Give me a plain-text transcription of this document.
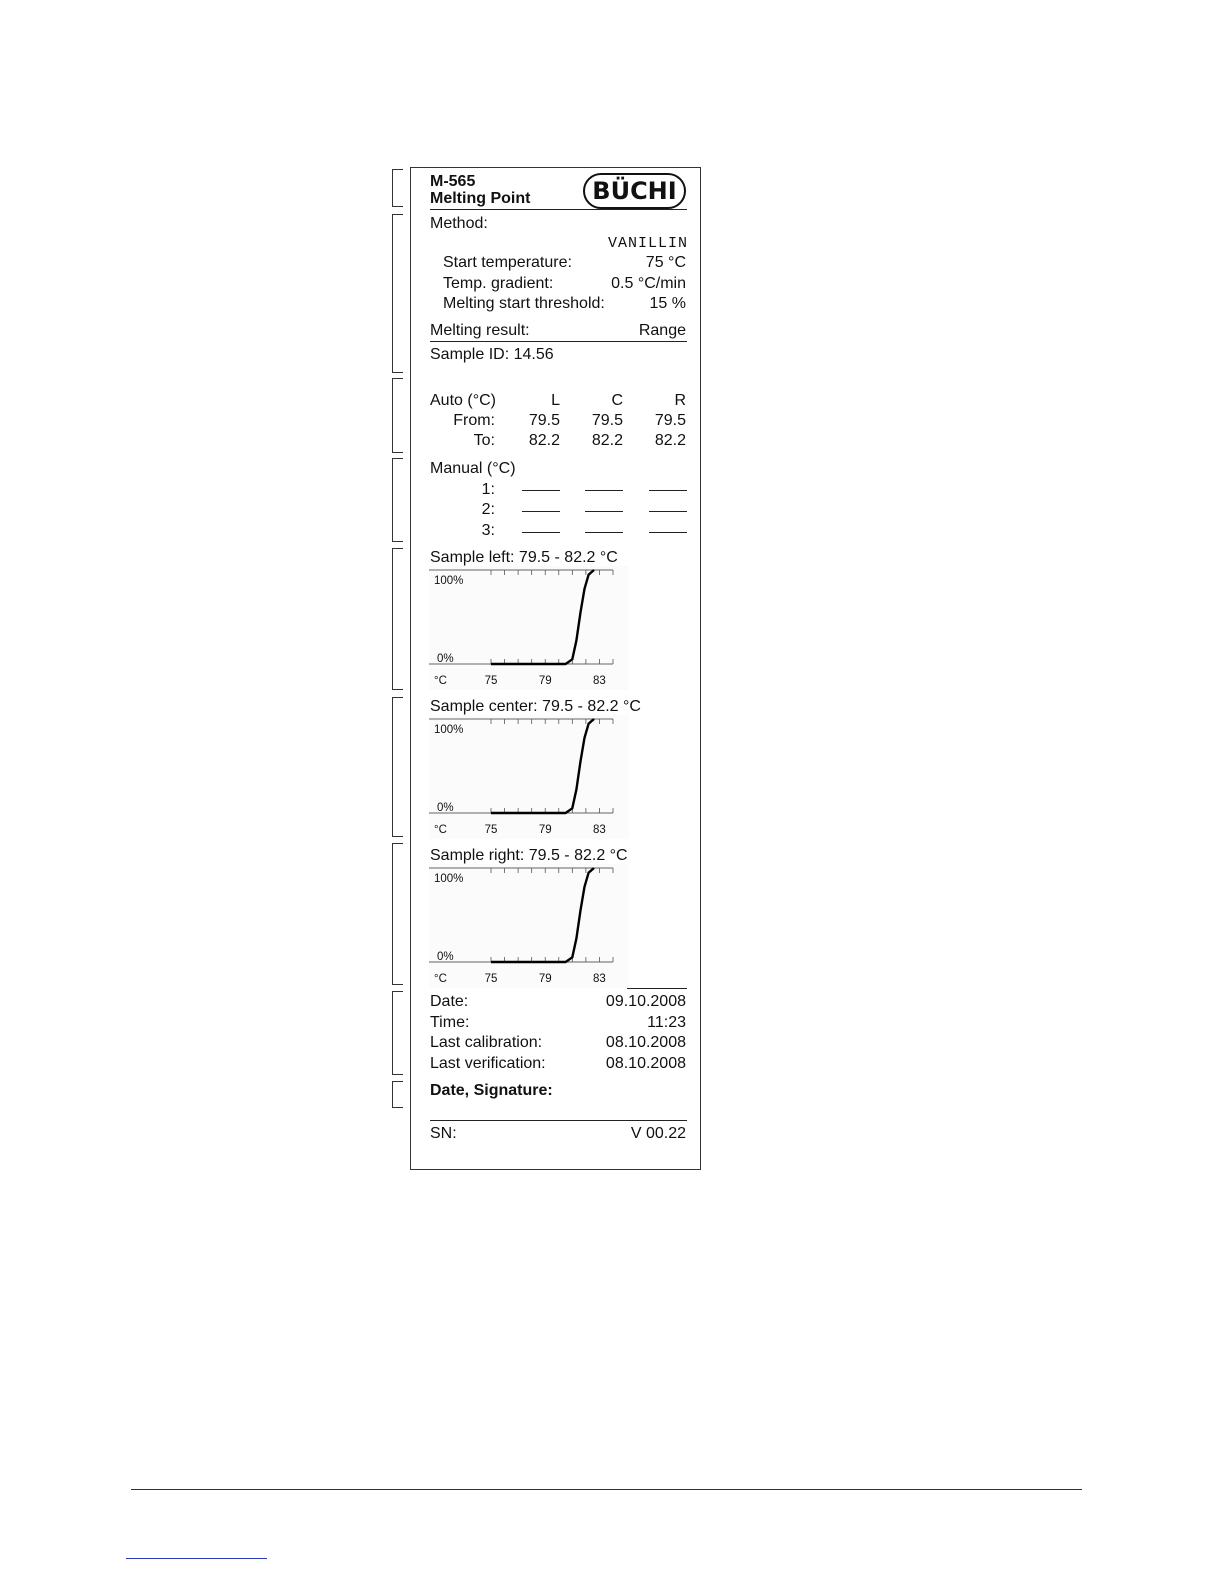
M-565
Melting Point	BÜCHI
Method:
VANILLIN
Start temperature:	75 °C
Temp. gradient:	0.5 °C/min
Melting start threshold:	15 %
Melting result:	Range
Sample ID: 14.56
Auto (°C)	L	C	R
From:	79.5	79.5	79.5
To:	82.2	82.2	82.2
Manual (°C)
1:
2:
3:
Sample left: 79.5 - 82.2 °C
Sample center: 79.5 - 82.2 °C
Sample right: 79.5 - 82.2 °C
100%
0%
°C	75	79	83
100%
0%
°C	75	79	83
100%
0%
°C	75	79	83
Date:	09.10.2008
Time:	11:23
Last calibration:	08.10.2008
Last verification:	08.10.2008
Date, Signature:
SN:	V 00.22
